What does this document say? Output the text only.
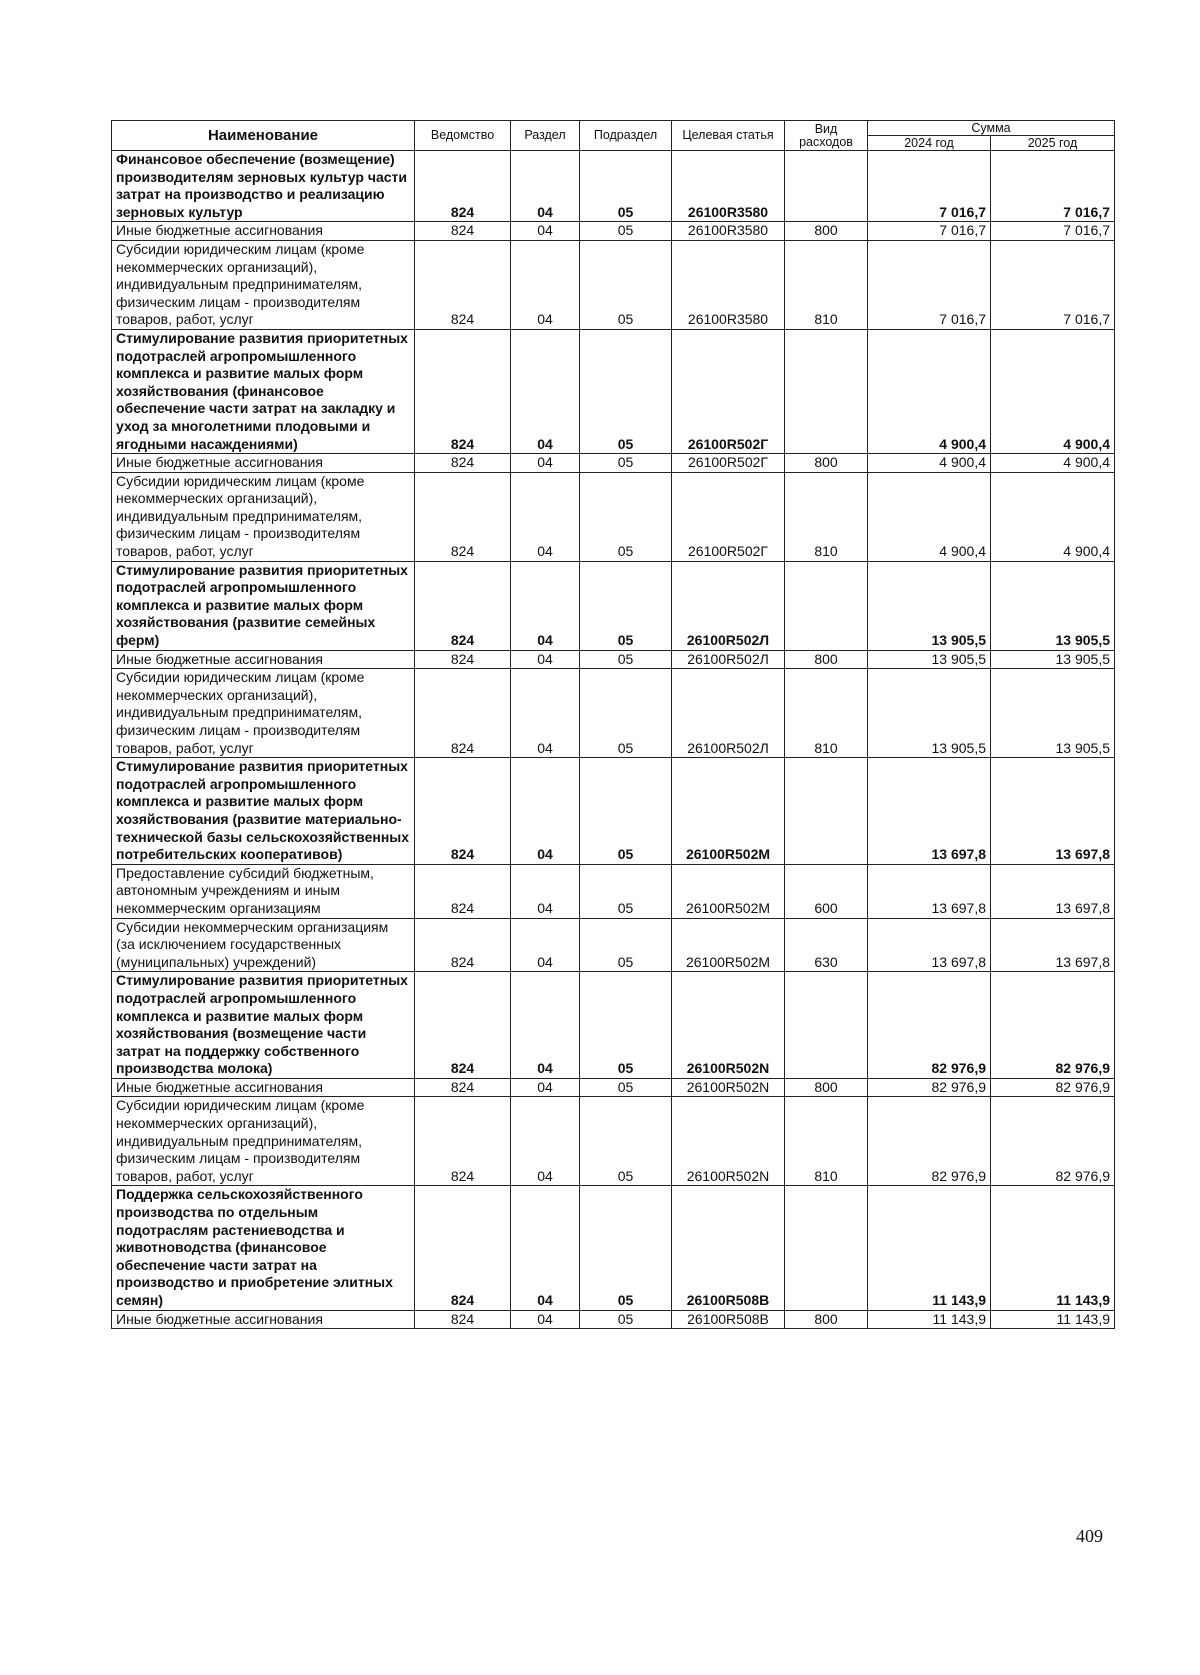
Наименование	Ведомство	Раздел	Подраздел	Целевая статья	Вид расходов	Сумма	
						2024 год	2025 год
Финансовое обеспечение (возмещение) производителям зерновых культур части затрат на производство и реализацию зерновых культур	824	04	05	26100R3580		7 016,7	7 016,7
Иные бюджетные ассигнования	824	04	05	26100R3580	800	7 016,7	7 016,7
Субсидии юридическим лицам (кроме некоммерческих организаций), индивидуальным предпринимателям, физическим лицам - производителям товаров, работ, услуг	824	04	05	26100R3580	810	7 016,7	7 016,7
Стимулирование развития приоритетных подотраслей агропромышленного комплекса и развитие малых форм хозяйствования (финансовое обеспечение части затрат на закладку и уход за многолетними плодовыми и ягодными насаждениями)	824	04	05	26100R502Г		4 900,4	4 900,4
Иные бюджетные ассигнования	824	04	05	26100R502Г	800	4 900,4	4 900,4
Субсидии юридическим лицам (кроме некоммерческих организаций), индивидуальным предпринимателям, физическим лицам - производителям товаров, работ, услуг	824	04	05	26100R502Г	810	4 900,4	4 900,4
Стимулирование развития приоритетных подотраслей агропромышленного комплекса и развитие малых форм хозяйствования (развитие семейных ферм)	824	04	05	26100R502Л		13 905,5	13 905,5
Иные бюджетные ассигнования	824	04	05	26100R502Л	800	13 905,5	13 905,5
Субсидии юридическим лицам (кроме некоммерческих организаций), индивидуальным предпринимателям, физическим лицам - производителям товаров, работ, услуг	824	04	05	26100R502Л	810	13 905,5	13 905,5
Стимулирование развития приоритетных подотраслей агропромышленного комплекса и развитие малых форм хозяйствования (развитие материально-технической базы сельскохозяйственных потребительских кооперативов)	824	04	05	26100R502M		13 697,8	13 697,8
Предоставление субсидий бюджетным, автономным учреждениям и иным некоммерческим организациям	824	04	05	26100R502M	600	13 697,8	13 697,8
Субсидии некоммерческим организациям (за исключением государственных (муниципальных) учреждений)	824	04	05	26100R502M	630	13 697,8	13 697,8
Стимулирование развития приоритетных подотраслей агропромышленного комплекса и развитие малых форм хозяйствования (возмещение части затрат на поддержку собственного производства молока)	824	04	05	26100R502N		82 976,9	82 976,9
Иные бюджетные ассигнования	824	04	05	26100R502N	800	82 976,9	82 976,9
Субсидии юридическим лицам (кроме некоммерческих организаций), индивидуальным предпринимателям, физическим лицам - производителям товаров, работ, услуг	824	04	05	26100R502N	810	82 976,9	82 976,9
Поддержка сельскохозяйственного производства по отдельным подотраслям растениеводства и животноводства (финансовое обеспечение части затрат на производство и приобретение элитных семян)	824	04	05	26100R508B		11 143,9	11 143,9
Иные бюджетные ассигнования	824	04	05	26100R508B	800	11 143,9	11 143,9
409
